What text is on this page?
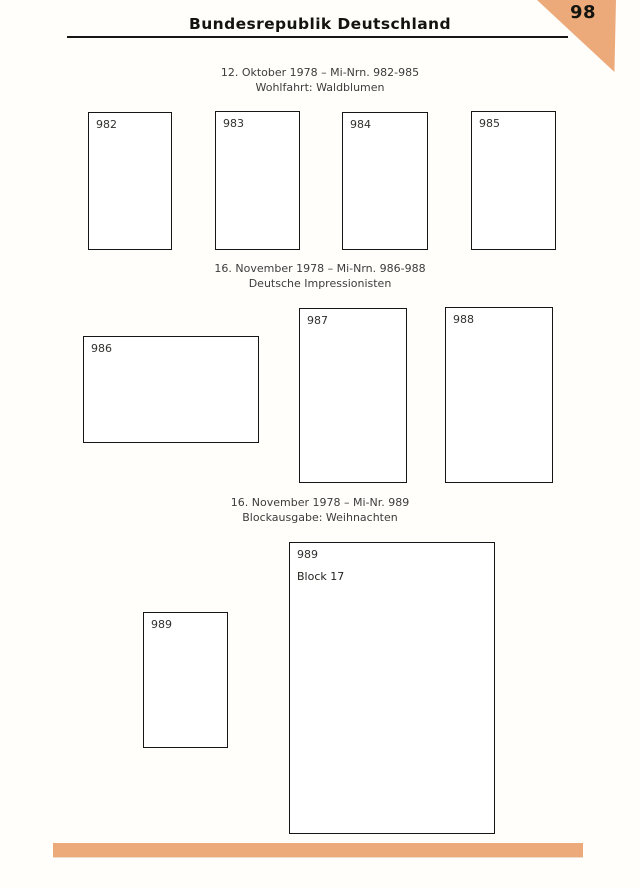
98
Bundesrepublik Deutschland
12. Oktober 1978 – Mi-Nrn. 982-985
Wohlfahrt: Waldblumen
982	983	984	985
16. November 1978 – Mi-Nrn. 986-988
Deutsche Impressionisten
986
987	988
16. November 1978 – Mi-Nr. 989
Blockausgabe: Weihnachten
989
989
Block 17
